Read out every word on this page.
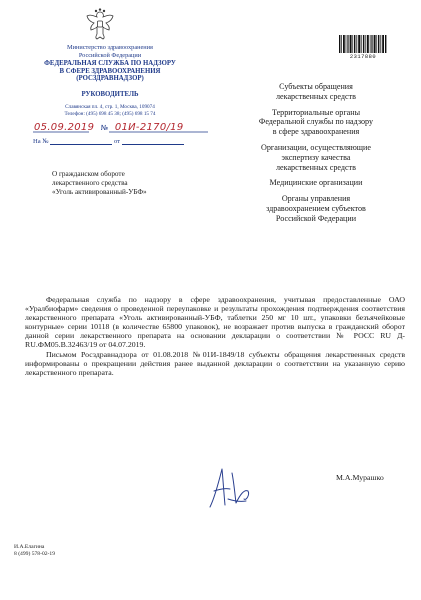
Министерство здравоохранения
Российской Федерации
ФЕДЕРАЛЬНАЯ СЛУЖБА ПО НАДЗОРУ
В СФЕРЕ ЗДРАВООХРАНЕНИЯ
(РОСЗДРАВНАДЗОР)
РУКОВОДИТЕЛЬ
Славянская пл. 4, стр. 1, Москва, 109074
Телефон: (495) 698 45 38; (495) 698 15 74
05.09.2019 № 01И-2170/19
На №	от
О гражданском обороте
лекарственного средства
«Уголь активированный-УБФ»
2317880
Субъекты обращения
лекарственных средств
Территориальные органы
Федеральной службы по надзору
в сфере здравоохранения
Организации, осуществляющие
экспертизу качества
лекарственных средств
Медицинские организации
Органы управления
здравоохранением субъектов
Российской Федерации

Федеральная служба по надзору в сфере здравоохранения, учитывая предоставленные ОАО «Уралбиофарм» сведения о проведенной переупаковке и результаты прохождения подтверждения соответствия лекарственного препарата «Уголь активированный-УБФ, таблетки 250 мг 10 шт., упаковки безъячейковые контурные» серии 10118 (в количестве 65800 упаковок), не возражает против выпуска в гражданский оборот данной серии лекарственного препарата на основании декларации о соответствии № РОСС RU Д-RU.ФМ05.В.32463/19 от 04.07.2019.

Письмом Росздравнадзора от 01.08.2018 №01И-1849/18 субъекты обращения лекарственных средств информированы о прекращении действия ранее выданной декларации о соответствии на указанную серию лекарственного препарата.

М.А.Мурашко
И.А.Елагина
8 (499) 578-02-19
